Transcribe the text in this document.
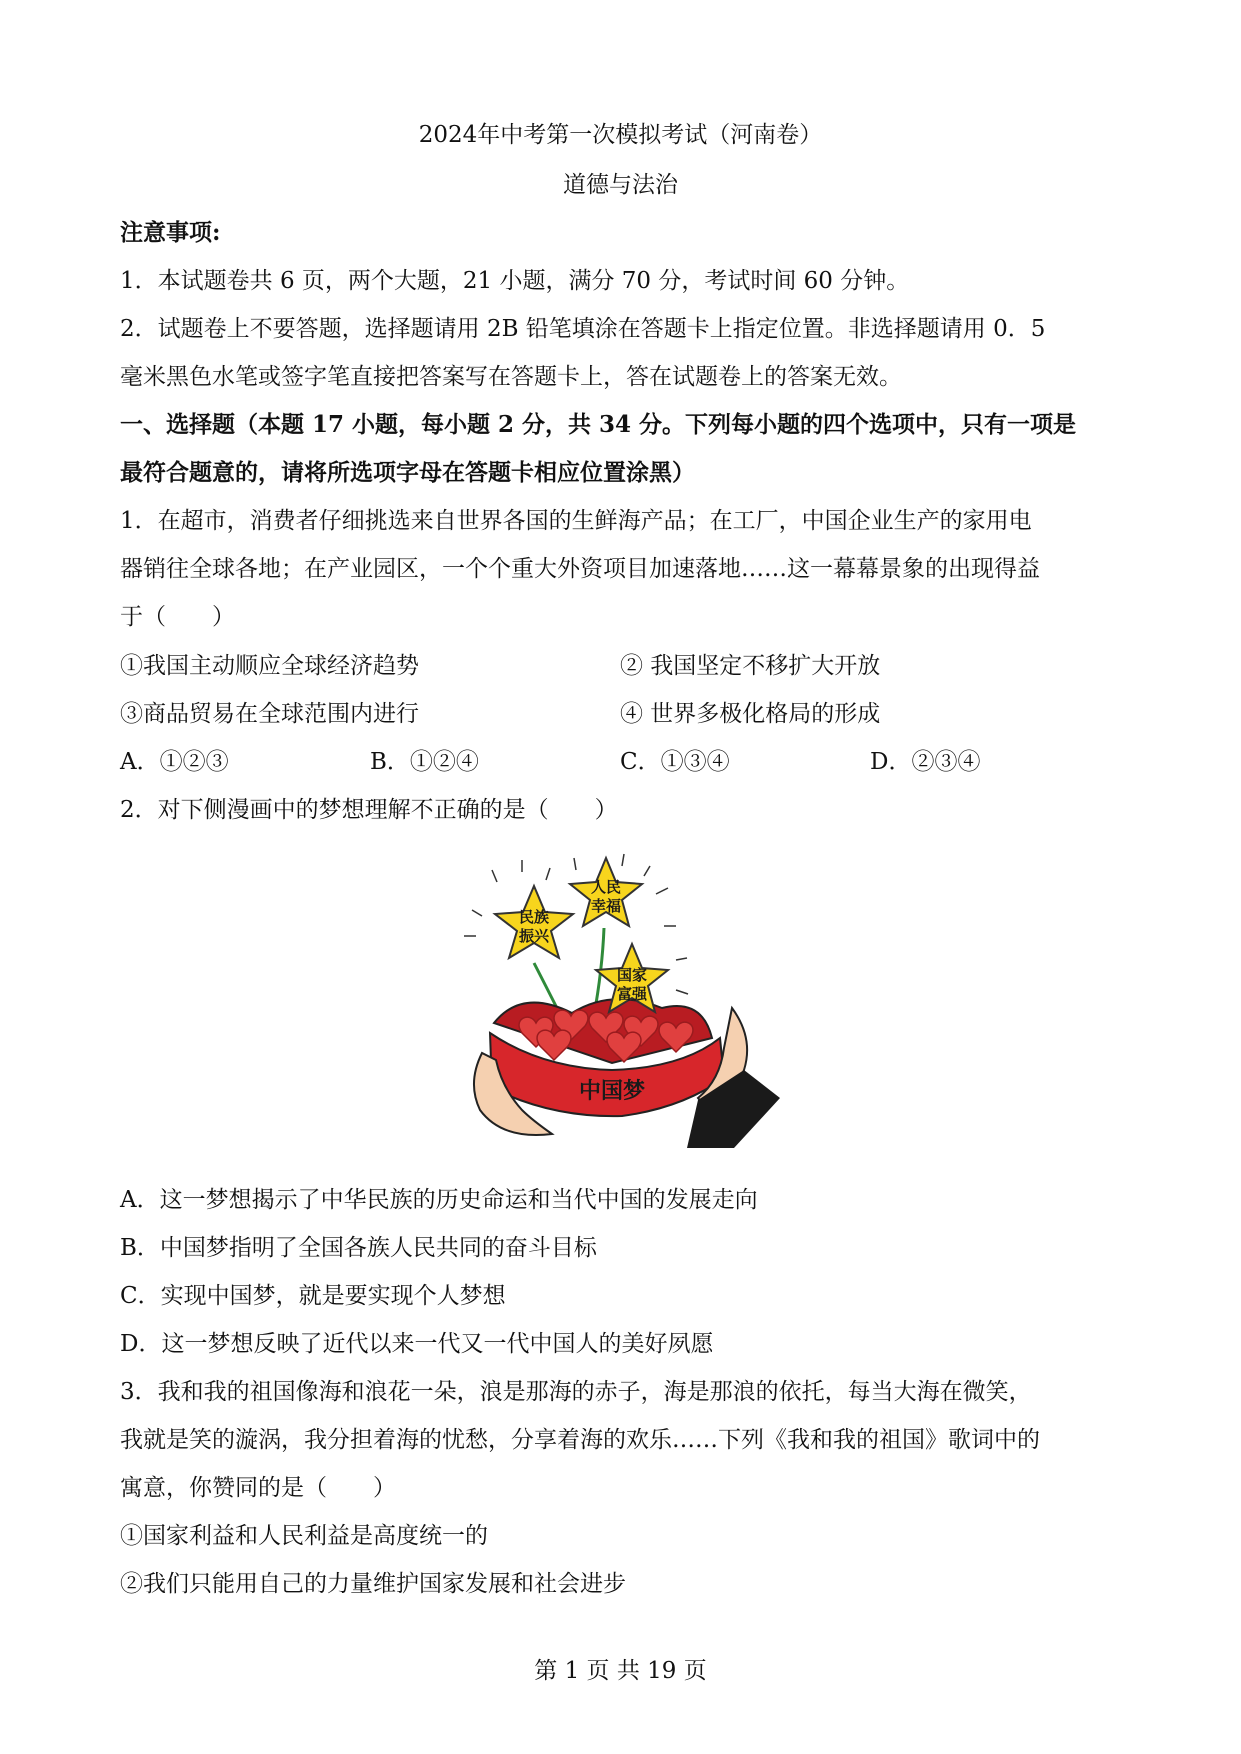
2024年中考第一次模拟考试（河南卷）
道德与法治
注意事项:
1．本试题卷共 6 页，两个大题，21 小题，满分 70 分，考试时间 60 分钟。
2．试题卷上不要答题，选择题请用 2B 铅笔填涂在答题卡上指定位置。非选择题请用 0．5
毫米黑色水笔或签字笔直接把答案写在答题卡上，答在试题卷上的答案无效。
一、选择题（本题 17 小题，每小题 2 分，共 34 分。下列每小题的四个选项中，只有一项是
最符合题意的，请将所选项字母在答题卡相应位置涂黑）
1．在超市，消费者仔细挑选来自世界各国的生鲜海产品；在工厂，中国企业生产的家用电
器销往全球各地；在产业园区，一个个重大外资项目加速落地……这一幕幕景象的出现得益
于（　　）
①我国主动顺应全球经济趋势	② 我国坚定不移扩大开放
③商品贸易在全球范围内进行	④ 世界多极化格局的形成
A．①②③	B．①②④	C．①③④	D．②③④
2．对下侧漫画中的梦想理解不正确的是（　　）
中国梦
民族
振兴
人民
幸福
国家
富强
A．这一梦想揭示了中华民族的历史命运和当代中国的发展走向
B．中国梦指明了全国各族人民共同的奋斗目标
C．实现中国梦，就是要实现个人梦想
D．这一梦想反映了近代以来一代又一代中国人的美好夙愿
3．我和我的祖国像海和浪花一朵，浪是那海的赤子，海是那浪的依托，每当大海在微笑，
我就是笑的漩涡，我分担着海的忧愁，分享着海的欢乐……下列《我和我的祖国》歌词中的
寓意，你赞同的是（　　）
①国家利益和人民利益是高度统一的
②我们只能用自己的力量维护国家发展和社会进步
第 1 页 共 19 页
